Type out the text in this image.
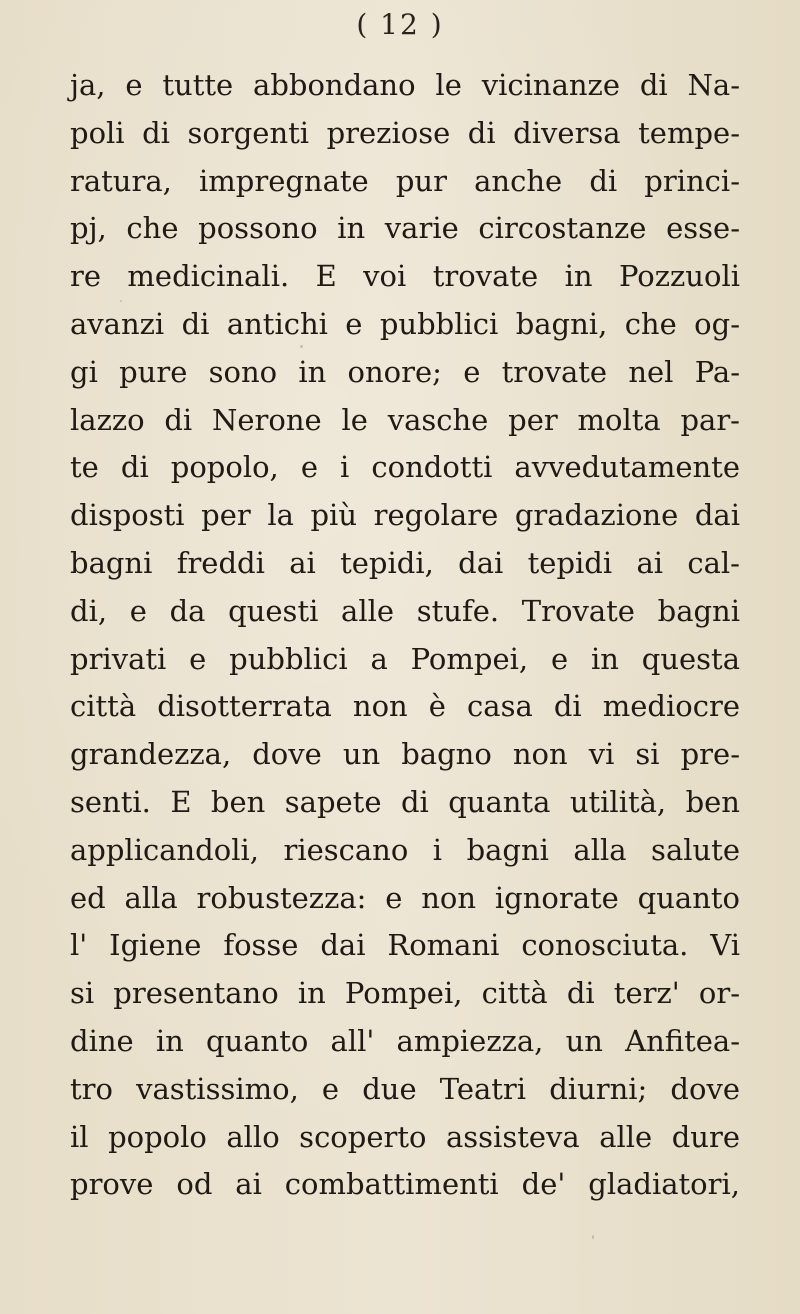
( 12 )
ja, e tutte abbondano le vicinanze di Na-
poli di sorgenti preziose di diversa tempe-
ratura, impregnate pur anche di princi-
pj, che possono in varie circostanze esse-
re medicinali. E voi trovate in Pozzuoli
avanzi di antichi e pubblici bagni, che og-
gi pure sono in onore; e trovate nel Pa-
lazzo di Nerone le vasche per molta par-
te di popolo, e i condotti avvedutamente
disposti per la più regolare gradazione dai
bagni freddi ai tepidi, dai tepidi ai cal-
di, e da questi alle stufe. Trovate bagni
privati e pubblici a Pompei, e in questa
città disotterrata non è casa di mediocre
grandezza, dove un bagno non vi si pre-
senti. E ben sapete di quanta utilità, ben
applicandoli, riescano i bagni alla salute
ed alla robustezza: e non ignorate quanto
l' Igiene fosse dai Romani conosciuta. Vi
si presentano in Pompei, città di terz' or-
dine in quanto all' ampiezza, un Anfitea-
tro vastissimo, e due Teatri diurni; dove
il popolo allo scoperto assisteva alle dure
prove od ai combattimenti de' gladiatori,
